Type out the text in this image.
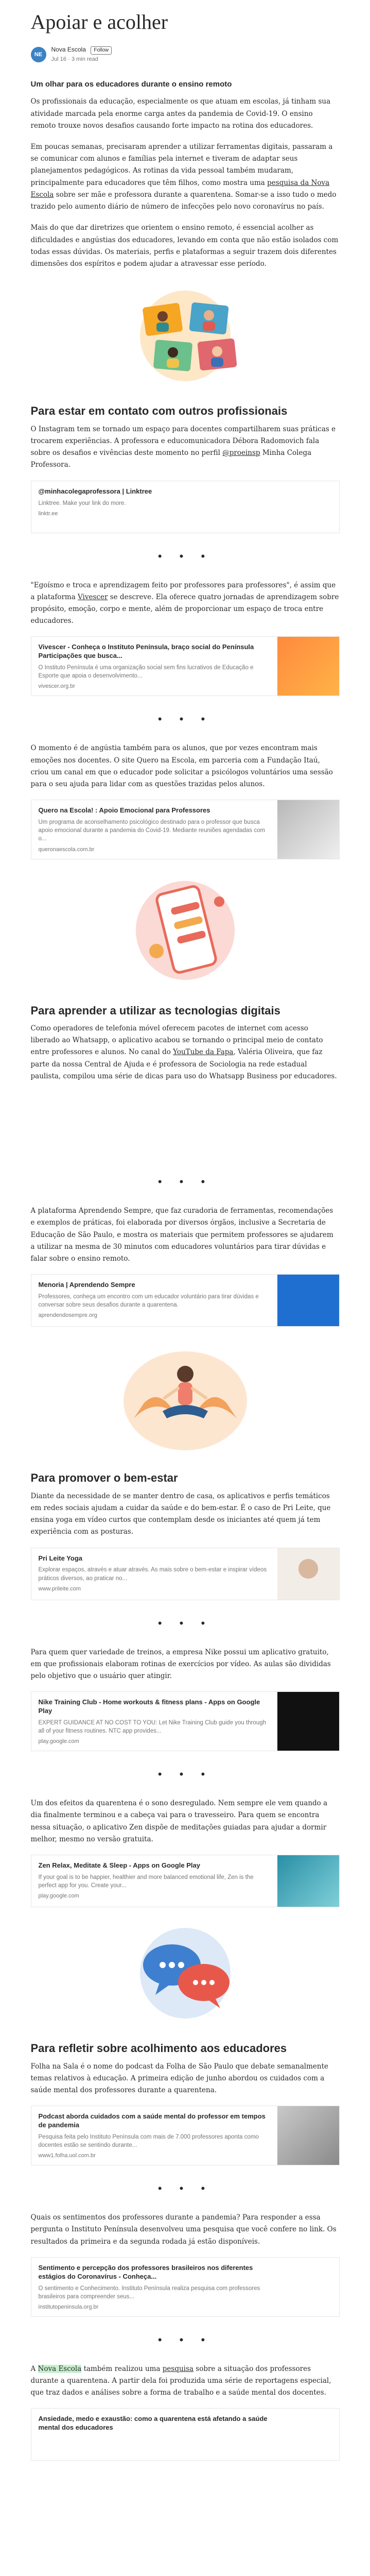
Apoiar e acolher
NE
Nova Escola Follow
Jul 16 · 3 min read
Um olhar para os educadores durante o ensino remoto

Os profissionais da educação, especialmente os que atuam em escolas, já tinham sua atividade marcada pela enorme carga antes da pandemia de Covid-19. O ensino remoto trouxe novos desafios causando forte impacto na rotina dos educadores.

Em poucas semanas, precisaram aprender a utilizar ferramentas digitais, passaram a se comunicar com alunos e famílias pela internet e tiveram de adaptar seus planejamentos pedagógicos. As rotinas da vida pessoal também mudaram, principalmente para educadores que têm filhos, como mostra uma pesquisa da Nova Escola sobre ser mãe e professora durante a quarentena. Somar-se a isso tudo o medo trazido pelo aumento diário de número de infecções pelo novo coronavírus no país.

Mais do que dar diretrizes que orientem o ensino remoto, é essencial acolher as dificuldades e angústias dos educadores, levando em conta que não estão isolados com todas essas dúvidas. Os materiais, perfis e plataformas a seguir trazem dois diferentes dimensões dos espíritos e podem ajudar a atravessar esse período.

Para estar em contato com outros profissionais

O Instagram tem se tornado um espaço para docentes compartilharem suas práticas e trocarem experiências. A professora e educomunicadora Débora Radomovich fala sobre os desafios e vivências deste momento no perfil @proeinsp Minha Colega Professora.

@minhacolegaprofessora | Linktree
Linktree. Make your link do more.
linktr.ee
• • •

"Egoísmo e troca e aprendizagem feito por professores para professores", é assim que a plataforma Vivescer se descreve. Ela oferece quatro jornadas de aprendizagem sobre propósito, emoção, corpo e mente, além de proporcionar um espaço de troca entre educadores.

Vivescer - Conheça o Instituto Península, braço social do Península Participações que busca...
O Instituto Península é uma organização social sem fins lucrativos de Educação e Esporte que apoia o desenvolvimento...
vivescer.org.br
• • •

O momento é de angústia também para os alunos, que por vezes encontram mais emoções nos docentes. O site Quero na Escola, em parceria com a Fundação Itaú, criou um canal em que o educador pode solicitar a psicólogos voluntários uma sessão para o seu ajuda para lidar com as questões trazidas pelos alunos.

Quero na Escola! : Apoio Emocional para Professores
Um programa de aconselhamento psicológico destinado para o professor que busca apoio emocional durante a pandemia do Covid-19. Mediante reuniões agendadas com o...
queronaescola.com.br
Para aprender a utilizar as tecnologias digitais

Como operadores de telefonia móvel oferecem pacotes de internet com acesso liberado ao Whatsapp, o aplicativo acabou se tornando o principal meio de contato entre professores e alunos. No canal do YouTube da Fapa, Valéria Oliveira, que faz parte da nossa Central de Ajuda e é professora de Sociologia na rede estadual paulista, compilou uma série de dicas para uso do Whatsapp Business por educadores.

• • •

A plataforma Aprendendo Sempre, que faz curadoria de ferramentas, recomendações e exemplos de práticas, foi elaborada por diversos órgãos, inclusive a Secretaria de Educação de São Paulo, e mostra os materiais que permitem professores se ajudarem a utilizar na mesma de 30 minutos com educadores voluntários para tirar dúvidas e falar sobre o ensino remoto.

Menoria | Aprendendo Sempre
Professores, conheça um encontro com um educador voluntário para tirar dúvidas e conversar sobre seus desafios durante a quarentena.
aprendendosempre.org
Para promover o bem-estar

Diante da necessidade de se manter dentro de casa, os aplicativos e perfis temáticos em redes sociais ajudam a cuidar da saúde e do bem-estar. É o caso de Pri Leite, que ensina yoga em vídeo curtos que contemplam desde os iniciantes até quem já tem experiência com as posturas.

Pri Leite Yoga
Explorar espaços, através e atuar através. As mais sobre o bem-estar e inspirar vídeos práticos diversos, ao praticar no...
www.prileite.com
• • •

Para quem quer variedade de treinos, a empresa Nike possui um aplicativo gratuito, em que profissionais elaboram rotinas de exercícios por vídeo. As aulas são divididas pelo objetivo que o usuário quer atingir.

Nike Training Club - Home workouts & fitness plans - Apps on Google Play
EXPERT GUIDANCE AT NO COST TO YOU: Let Nike Training Club guide you through all of your fitness routines. NTC app provides...
play.google.com
• • •

Um dos efeitos da quarentena é o sono desregulado. Nem sempre ele vem quando a dia finalmente terminou e a cabeça vai para o travesseiro. Para quem se encontra nessa situação, o aplicativo Zen dispõe de meditações guiadas para ajudar a dormir melhor, mesmo no versão gratuita.

Zen Relax, Meditate & Sleep - Apps on Google Play
If your goal is to be happier, healthier and more balanced emotional life, Zen is the perfect app for you. Create your...
play.google.com
Para refletir sobre acolhimento aos educadores

Folha na Sala é o nome do podcast da Folha de São Paulo que debate semanalmente temas relativos à educação. A primeira edição de junho abordou os cuidados com a saúde mental dos professores durante a quarentena.

Podcast aborda cuidados com a saúde mental do professor em tempos de pandemia
Pesquisa feita pelo Instituto Península com mais de 7.000 professores aponta como docentes estão se sentindo durante...
www1.folha.uol.com.br
• • •

Quais os sentimentos dos professores durante a pandemia? Para responder a essa pergunta o Instituto Península desenvolveu uma pesquisa que você confere no link. Os resultados da primeira e da segunda rodada já estão disponíveis.

Sentimento e percepção dos professores brasileiros nos diferentes estágios do Coronavírus - Conheça...
O sentimento e Conhecimento. Instituto Península realiza pesquisa com professores brasileiros para compreender seus...
institutopeninsula.org.br
• • •

A Nova Escola também realizou uma pesquisa sobre a situação dos professores durante a quarentena. A partir dela foi produzida uma série de reportagens especial, que traz dados e análises sobre a forma de trabalho e a saúde mental dos docentes.

Ansiedade, medo e exaustão: como a quarentena está afetando a saúde mental dos educadores
